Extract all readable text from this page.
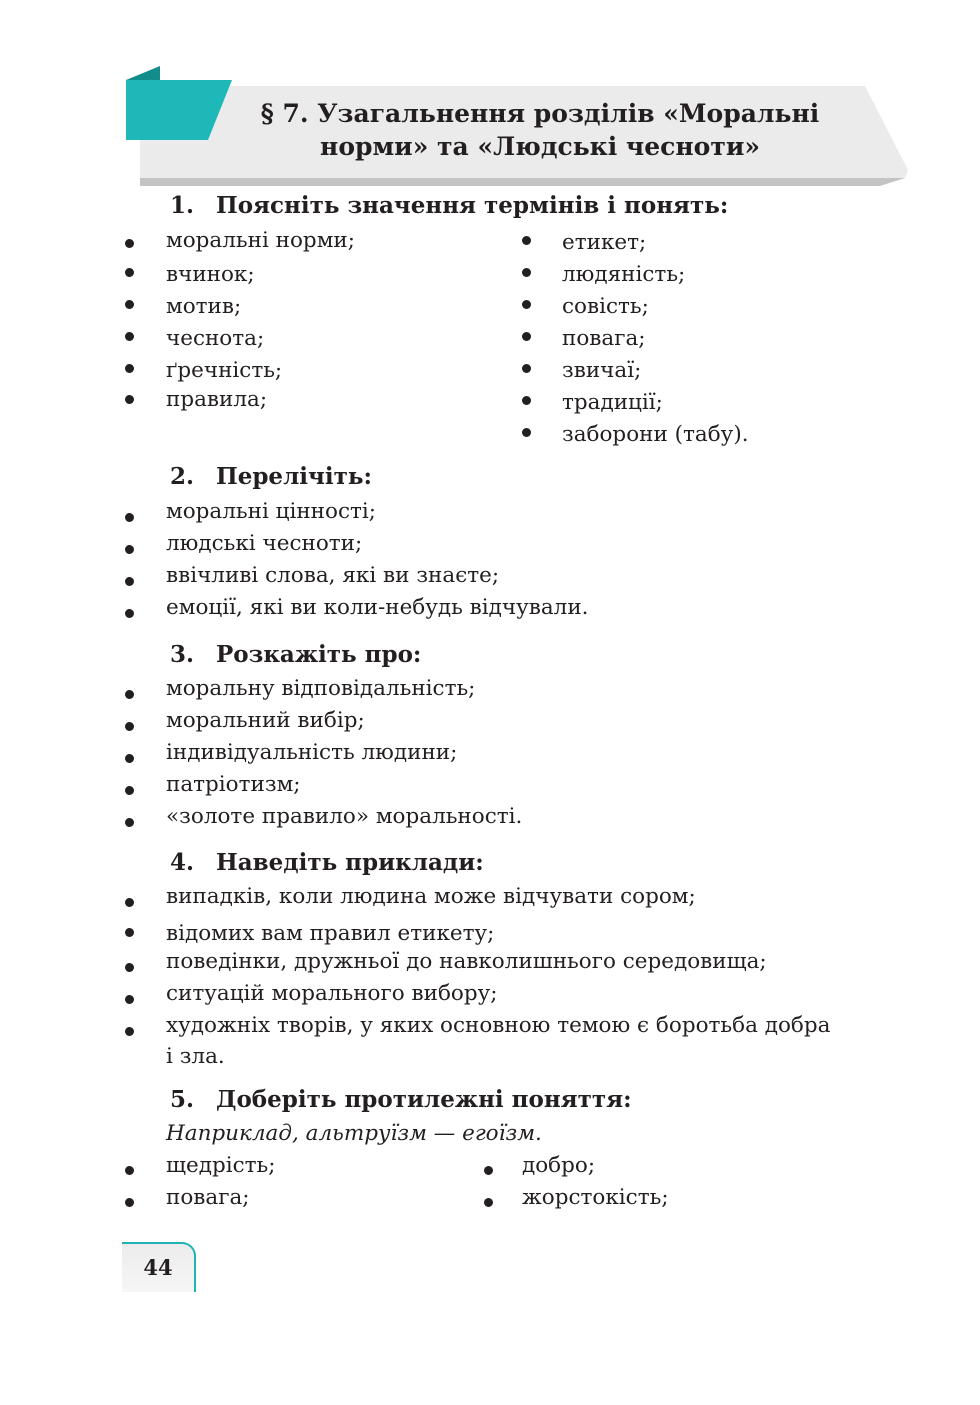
§ 7. Узагальнення розділів «Моральні
норми» та «Людські чесноти»
1. Поясніть значення термінів і понять:
моральні норми;
вчинок;
мотив;
чеснота;
ґречність;
правила;
етикет;
людяність;
совість;
повага;
звичаї;
традиції;
заборони (табу).
2. Перелічіть:
моральні цінності;
людські чесноти;
ввічливі слова, які ви знаєте;
емоції, які ви коли-небудь відчували.
3. Розкажіть про:
моральну відповідальність;
моральний вибір;
індивідуальність людини;
патріотизм;
«золоте правило» моральності.
4. Наведіть приклади:
випадків, коли людина може відчувати сором;
відомих вам правил етикету;
поведінки, дружньої до навколишнього середовища;
ситуацій морального вибору;
художніх творів, у яких основною темою є боротьба добра
і зла.
5. Доберіть протилежні поняття:
Наприклад, альтруїзм — егоїзм.
щедрість;
повага;
добро;
жорстокість;
44
